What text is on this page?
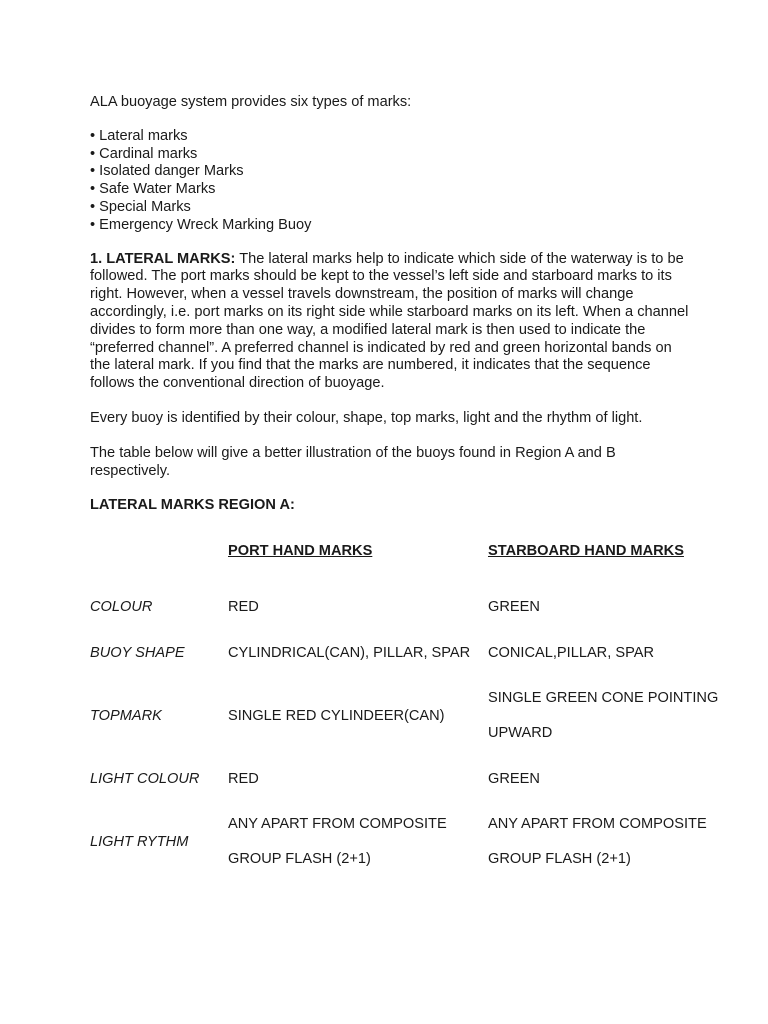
ALA buoyage system provides six types of marks:

• Lateral marks
• Cardinal marks
• Isolated danger Marks
• Safe Water Marks
• Special Marks
• Emergency Wreck Marking Buoy

1. LATERAL MARKS: The lateral marks help to indicate which side of the waterway is to be followed. The port marks should be kept to the vessel’s left side and starboard marks to its right. However, when a vessel travels downstream, the position of marks will change accordingly, i.e. port marks on its right side while starboard marks on its left. When a channel divides to form more than one way, a modified lateral mark is then used to indicate the “preferred channel”. A preferred channel is indicated by red and green horizontal bands on the lateral mark. If you find that the marks are numbered, it indicates that the sequence follows the conventional direction of buoyage.

Every buoy is identified by their colour, shape, top marks, light and the rhythm of light.

The table below will give a better illustration of the buoys found in Region A and B respectively.

LATERAL MARKS REGION A:

	PORT HAND MARKS	STARBOARD HAND MARKS
COLOUR	RED	GREEN
BUOY SHAPE	CYLINDRICAL(CAN), PILLAR, SPAR	CONICAL,PILLAR, SPAR
TOPMARK	SINGLE RED CYLINDEER(CAN)	SINGLE GREEN CONE POINTING UPWARD

LIGHT COLOUR	RED	GREEN
LIGHT RYTHM	ANY APART FROM COMPOSITE GROUP FLASH (2+1)	ANY APART FROM COMPOSITE GROUP FLASH (2+1)
